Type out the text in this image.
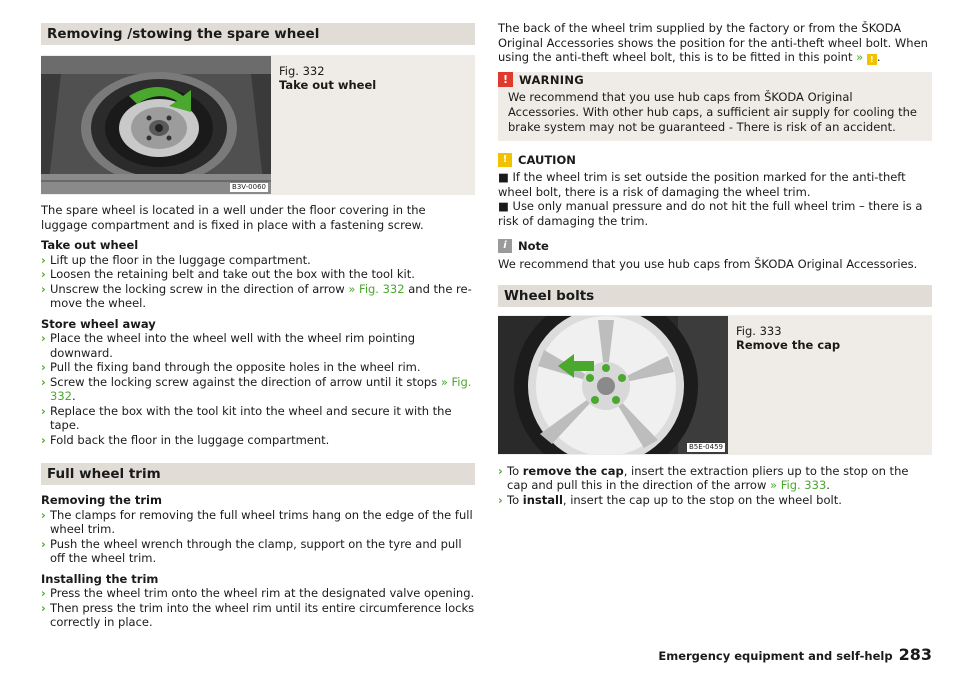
Removing /stowing the spare wheel
B3V-0060
Fig. 332
Take out wheel

The spare wheel is located in a well under the floor covering in the luggage compartment and is fixed in place with a fastening screw.

Take out wheel
› Lift up the floor in the luggage compartment.
› Loosen the retaining belt and take out the box with the tool kit.
› Unscrew the locking screw in the direction of arrow » Fig. 332 and the re-move the wheel.
Store wheel away
› Place the wheel into the wheel well with the wheel rim pointing downward.
› Pull the fixing band through the opposite holes in the wheel rim.
› Screw the locking screw against the direction of arrow until it stops » Fig. 332.
› Replace the box with the tool kit into the wheel and secure it with the tape.
› Fold back the floor in the luggage compartment.
Full wheel trim
Removing the trim
› The clamps for removing the full wheel trims hang on the edge of the full wheel trim.
› Push the wheel wrench through the clamp, support on the tyre and pull off the wheel trim.
Installing the trim
› Press the wheel trim onto the wheel rim at the designated valve opening.
› Then press the trim into the wheel rim until its entire circumference locks correctly in place.

The back of the wheel trim supplied by the factory or from the ŠKODA Original Accessories shows the position for the anti-theft wheel bolt. When using the anti-theft wheel bolt, this is to be fitted in this point » ! .

! WARNING
We recommend that you use hub caps from ŠKODA Original Accessories. With other hub caps, a sufficient air supply for cooling the brake system may not be guaranteed - There is risk of an accident.
! CAUTION

■ If the wheel trim is set outside the position marked for the anti-theft wheel bolt, there is a risk of damaging the wheel trim.

■ Use only manual pressure and do not hit the full wheel trim – there is a risk of damaging the trim.

i Note

We recommend that you use hub caps from ŠKODA Original Accessories.

Wheel bolts
B5E-0459
Fig. 333
Remove the cap
› To remove the cap, insert the extraction pliers up to the stop on the cap and pull this in the direction of the arrow » Fig. 333.
› To install, insert the cap up to the stop on the wheel bolt.
Emergency equipment and self-help 283
